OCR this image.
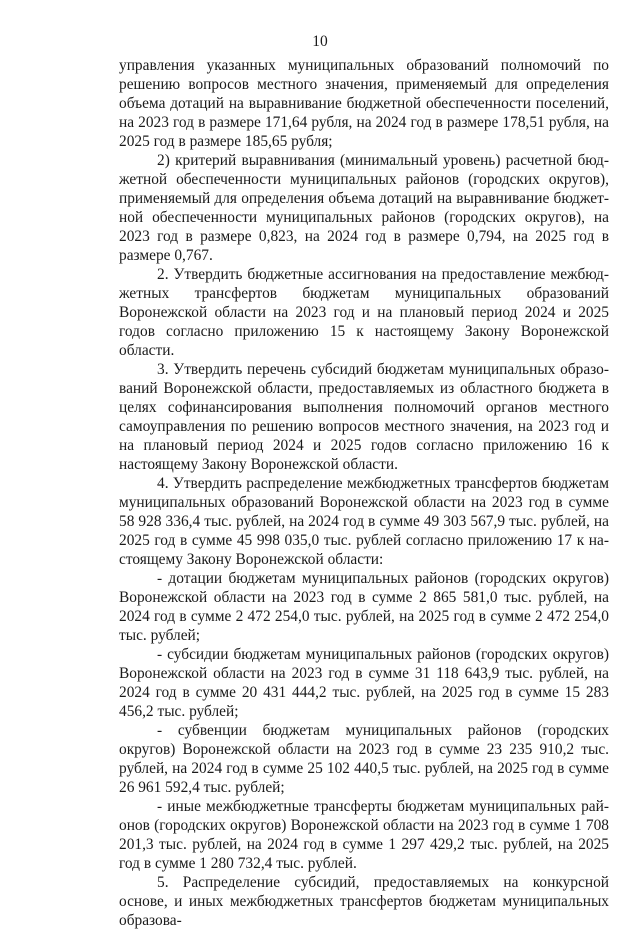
10

управления указанных муниципальных образований полномочий по решению вопросов местного значения, применяемый для определения объема дотаций на выравнивание бюджетной обеспеченности поселений, на 2023 год в размере 171,64 рубля, на 2024 год в размере 178,51 рубля, на 2025 год в размере 185,65 рубля;

2) критерий выравнивания (минимальный уровень) расчетной бюджетной обеспеченности муниципальных районов (городских округов), применяемый для определения объема дотаций на выравнивание бюджетной обеспеченности муниципальных районов (городских округов), на 2023 год в размере 0,823, на 2024 год в размере 0,794, на 2025 год в размере 0,767.

2. Утвердить бюджетные ассигнования на предоставление межбюджетных трансфертов бюджетам муниципальных образований Воронежской области на 2023 год и на плановый период 2024 и 2025 годов согласно приложению 15 к настоящему Закону Воронежской области.

3. Утвердить перечень субсидий бюджетам муниципальных образований Воронежской области, предоставляемых из областного бюджета в целях софинансирования выполнения полномочий органов местного самоуправления по решению вопросов местного значения, на 2023 год и на плановый период 2024 и 2025 годов согласно приложению 16 к настоящему Закону Воронежской области.

4. Утвердить распределение межбюджетных трансфертов бюджетам муниципальных образований Воронежской области на 2023 год в сумме 58 928 336,4 тыс. рублей, на 2024 год в сумме 49 303 567,9 тыс. рублей, на 2025 год в сумме 45 998 035,0 тыс. рублей согласно приложению 17 к настоящему Закону Воронежской области:

- дотации бюджетам муниципальных районов (городских округов) Воронежской области на 2023 год в сумме 2 865 581,0 тыс. рублей, на 2024 год в сумме 2 472 254,0 тыс. рублей, на 2025 год в сумме 2 472 254,0 тыс. рублей;

- субсидии бюджетам муниципальных районов (городских округов) Воронежской области на 2023 год в сумме 31 118 643,9 тыс. рублей, на 2024 год в сумме 20 431 444,2 тыс. рублей, на 2025 год в сумме 15 283 456,2 тыс. рублей;

- субвенции бюджетам муниципальных районов (городских округов) Воронежской области на 2023 год в сумме 23 235 910,2 тыс. рублей, на 2024 год в сумме 25 102 440,5 тыс. рублей, на 2025 год в сумме 26 961 592,4 тыс. рублей;

- иные межбюджетные трансферты бюджетам муниципальных районов (городских округов) Воронежской области на 2023 год в сумме 1 708 201,3 тыс. рублей, на 2024 год в сумме 1 297 429,2 тыс. рублей, на 2025 год в сумме 1 280 732,4 тыс. рублей.

5. Распределение субсидий, предоставляемых на конкурсной основе, и иных межбюджетных трансфертов бюджетам муниципальных образова-
